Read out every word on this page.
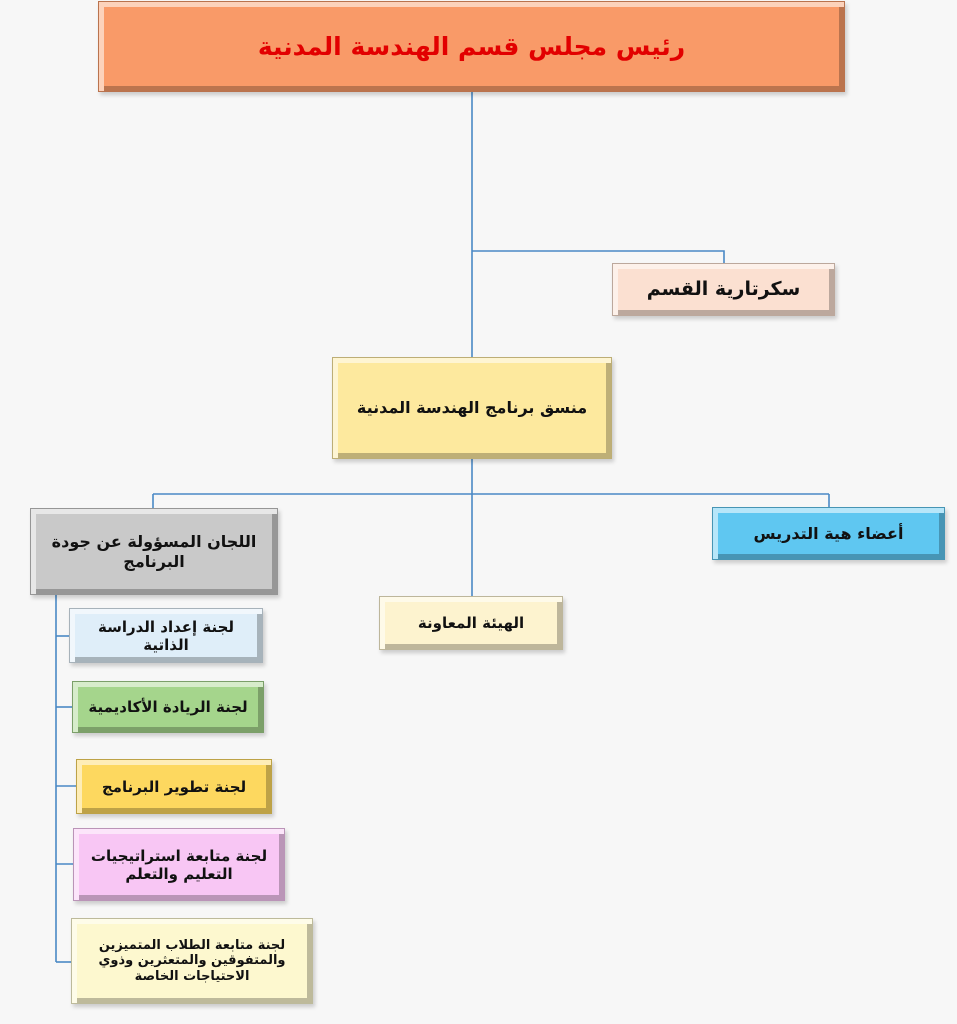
رئيس مجلس قسم الهندسة المدنية
سكرتارية القسم
منسق برنامج الهندسة المدنية
أعضاء هية التدريس
الهيئة المعاونة
اللجان المسؤولة عن جودة
البرنامج
لجنة إعداد الدراسة
الذاتية
لجنة الريادة الأكاديمية
لجنة تطوير البرنامج
لجنة متابعة استراتيجيات
التعليم والتعلم
لجنة متابعة الطلاب المتميزين
والمتفوقين والمتعثرين وذوي
الاحتياجات الخاصة
